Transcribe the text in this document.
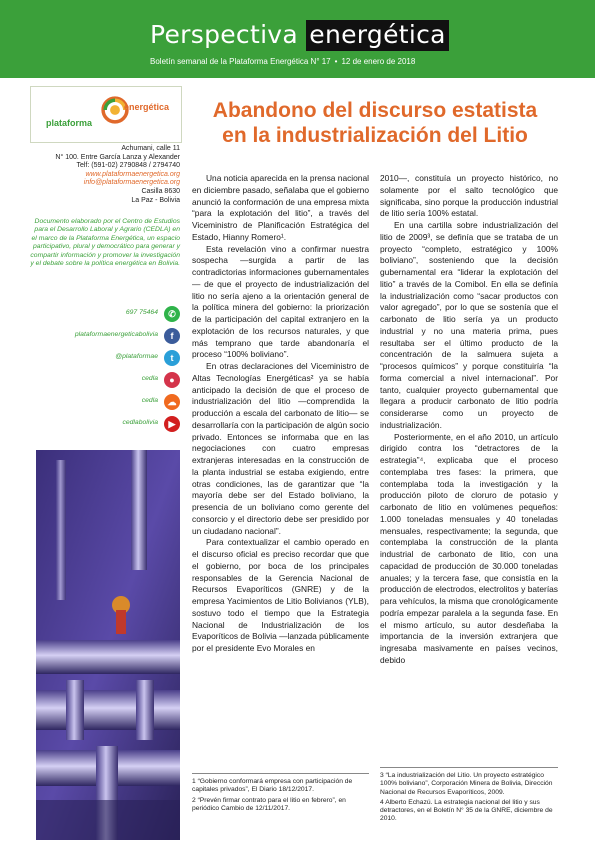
Perspectiva energética
Boletín semanal de la Plataforma Energética N° 17 • 12 de enero de 2018
plataforma
energética
Achumani, calle 11
N° 100. Entre García Lanza y Alexander
Telf: (591-02) 2790848 / 2794740
www.plataformaenergetica.org
info@plataformaenergetica.org
Casilla 8630
La Paz - Bolivia
Documento elaborado por el Centro de Estudios para el Desarrollo Laboral y Agrario (CEDLA) en el marco de la Plataforma Energética, un espacio participativo, plural y democrático para generar y compartir información y promover la investigación y el debate sobre la política energética en Bolivia.
697 75464	✆
plataformaenergeticabolivia	f
@plataformae	t
cedla	●
cedla	☁
cedlabolivia	▶
Abandono del discurso estatista
en la industrialización del Litio

Una noticia aparecida en la prensa nacional en diciembre pasado, señalaba que el gobierno anunció la conformación de una empresa mixta “para la explotación del litio”, a través del Viceministro de Planificación Estratégica del Estado, Hianny Romero¹.

Esta revelación vino a confirmar nuestra sospecha —surgida a partir de las contradictorias informaciones gubernamentales— de que el proyecto de industrialización del litio no sería ajeno a la orientación general de la política minera del gobierno: la priorización de la participación del capital extranjero en la explotación de los recursos naturales, y que más temprano que tarde abandonaría el proceso “100% boliviano”.

En otras declaraciones del Viceministro de Altas Tecnologías Energéticas² ya se había anticipado la decisión de que el proceso de industrialización del litio —comprendida la producción a escala del carbonato de litio— se desarrollaría con la participación de algún socio privado. Entonces se informaba que en las negociaciones con cuatro empresas extranjeras interesadas en la construcción de la planta industrial se estaba exigiendo, entre otras condiciones, las de garantizar que “la mayoría debe ser del Estado boliviano, la presencia de un boliviano como gerente del consorcio y el directorio debe ser presidido por un ciudadano nacional”.

Para contextualizar el cambio operado en el discurso oficial es preciso recordar que que el gobierno, por boca de los principales responsables de la Gerencia Nacional de Recursos Evaporíticos (GNRE) y de la empresa Yacimientos de Litio Bolivianos (YLB), sostuvo todo el tiempo que la Estrategia Nacional de Industrialización de los Evaporíticos de Bolivia —lanzada públicamente por el presidente Evo Morales en

2010—, constituía un proyecto histórico, no solamente por el salto tecnológico que significaba, sino porque la producción industrial de litio sería 100% estatal.

En una cartilla sobre industrialización del litio de 2009³, se definía que se trataba de un proyecto “completo, estratégico y 100% boliviano”, sosteniendo que la decisión gubernamental era “liderar la explotación del litio” a través de la Comibol. En ella se definía la industrialización como “sacar productos con valor agregado”, por lo que se sostenía que el carbonato de litio sería ya un producto industrial y no una materia prima, pues resultaba ser el último producto de la concentración de la salmuera sujeta a “procesos químicos” y porque constituiría “la forma comercial a nivel internacional”. Por tanto, cualquier proyecto gubernamental que llegara a producir carbonato de litio podría considerarse como un proyecto de industrialización.

Posteriormente, en el año 2010, un artículo dirigido contra los “detractores de la estrategia”⁴, explicaba que el proceso contemplaba tres fases: la primera, que contemplaba toda la investigación y la producción piloto de cloruro de potasio y carbonato de litio en volúmenes pequeños: 1.000 toneladas mensuales y 40 toneladas mensuales, respectivamente; la segunda, que contemplaba la construcción de la planta industrial de carbonato de litio, con una capacidad de producción de 30.000 toneladas anuales; y la tercera fase, que consistía en la producción de electrodos, electrolitos y baterías para vehículos, la misma que cronológicamente podría empezar paralela a la segunda fase. En el mismo artículo, su autor desdeñaba la importancia de la inversión extranjera que ingresaba masivamente en países vecinos, debido

1 “Gobierno conformará empresa con participación de capitales privados”, El Diario 18/12/2017.

2 “Prevén firmar contrato para el litio en febrero”, en periódico Cambio de 12/11/2017.

3 “La industrialización del Litio. Un proyecto estratégico 100% boliviano”, Corporación Minera de Bolivia, Dirección Nacional de Recursos Evaporíticos, 2009.

4 Alberto Echazú. La estrategia nacional del litio y sus detractores, en el Boletín N° 35 de la GNRE, diciembre de 2010.
